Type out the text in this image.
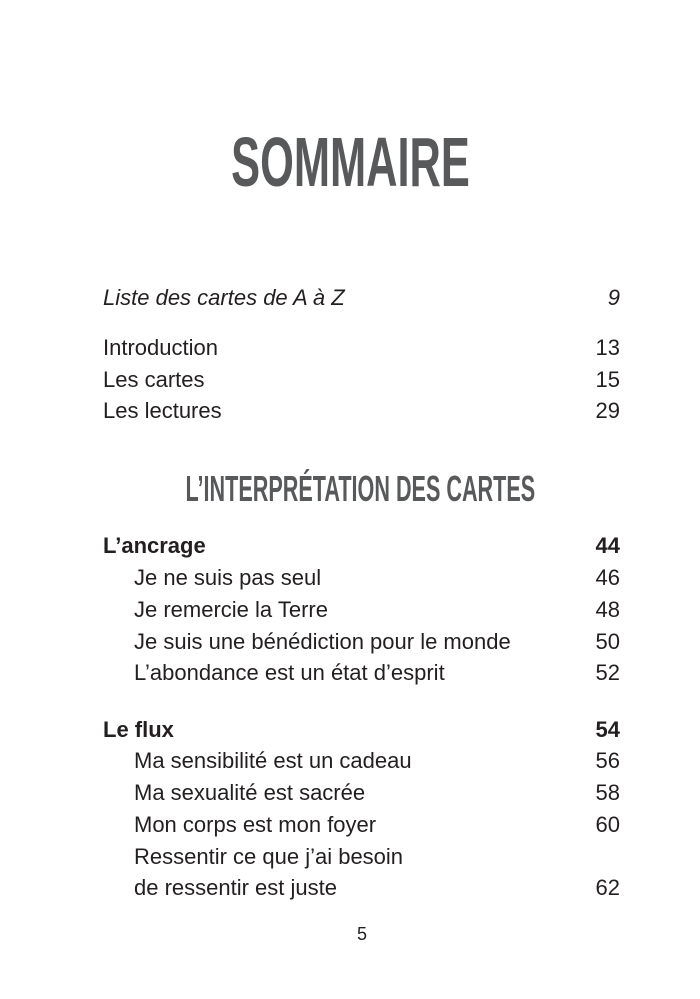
SOMMAIRE
Liste des cartes de A à Z	9
Introduction	13
Les cartes	15
Les lectures	29
L’INTERPRÉTATION DES CARTES
L’ancrage	44
Je ne suis pas seul	46
Je remercie la Terre	48
Je suis une bénédiction pour le monde	50
L’abondance est un état d’esprit	52
Le flux	54
Ma sensibilité est un cadeau	56
Ma sexualité est sacrée	58
Mon corps est mon foyer	60
Ressentir ce que j’ai besoin
de ressentir est juste	62
5
